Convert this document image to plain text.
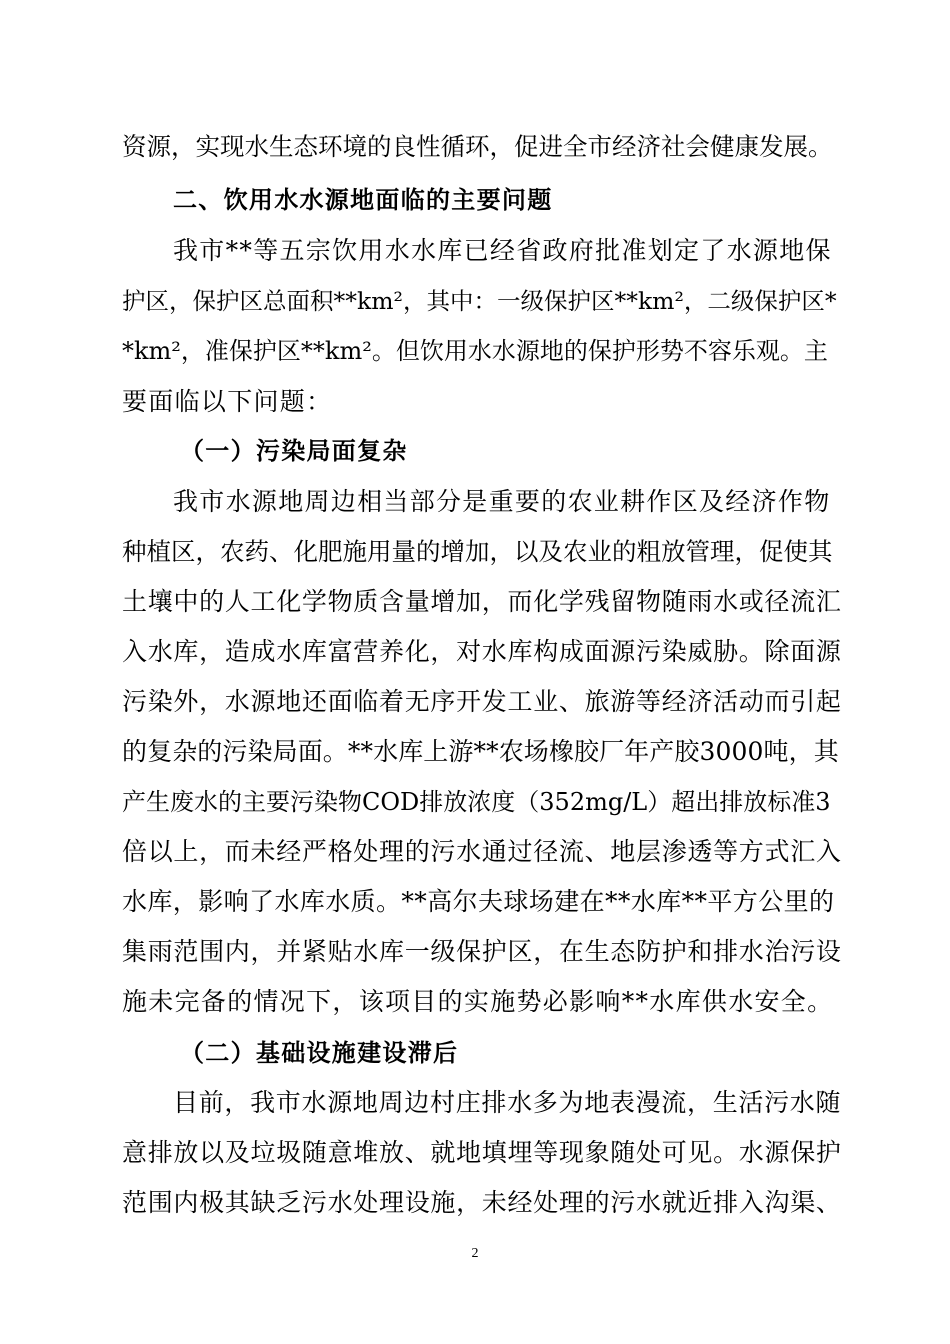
资源，实现水生态环境的良性循环，促进全市经济社会健康发展。
二、饮用水水源地面临的主要问题
我市**等五宗饮用水水库已经省政府批准划定了水源地保
护区，保护区总面积**km²，其中：一级保护区**km²，二级保护区*
*km²，准保护区**km²。但饮用水水源地的保护形势不容乐观。主
要面临以下问题：
（一）污染局面复杂
我市水源地周边相当部分是重要的农业耕作区及经济作物
种植区，农药、化肥施用量的增加，以及农业的粗放管理，促使其
土壤中的人工化学物质含量增加，而化学残留物随雨水或径流汇
入水库，造成水库富营养化，对水库构成面源污染威胁。除面源
污染外，水源地还面临着无序开发工业、旅游等经济活动而引起
的复杂的污染局面。**水库上游**农场橡胶厂年产胶3000吨，其
产生废水的主要污染物COD排放浓度（352mg/L）超出排放标准3
倍以上，而未经严格处理的污水通过径流、地层渗透等方式汇入
水库，影响了水库水质。**高尔夫球场建在**水库**平方公里的
集雨范围内，并紧贴水库一级保护区，在生态防护和排水治污设
施未完备的情况下，该项目的实施势必影响**水库供水安全。
（二）基础设施建设滞后
目前，我市水源地周边村庄排水多为地表漫流，生活污水随
意排放以及垃圾随意堆放、就地填埋等现象随处可见。水源保护
范围内极其缺乏污水处理设施，未经处理的污水就近排入沟渠、
2
